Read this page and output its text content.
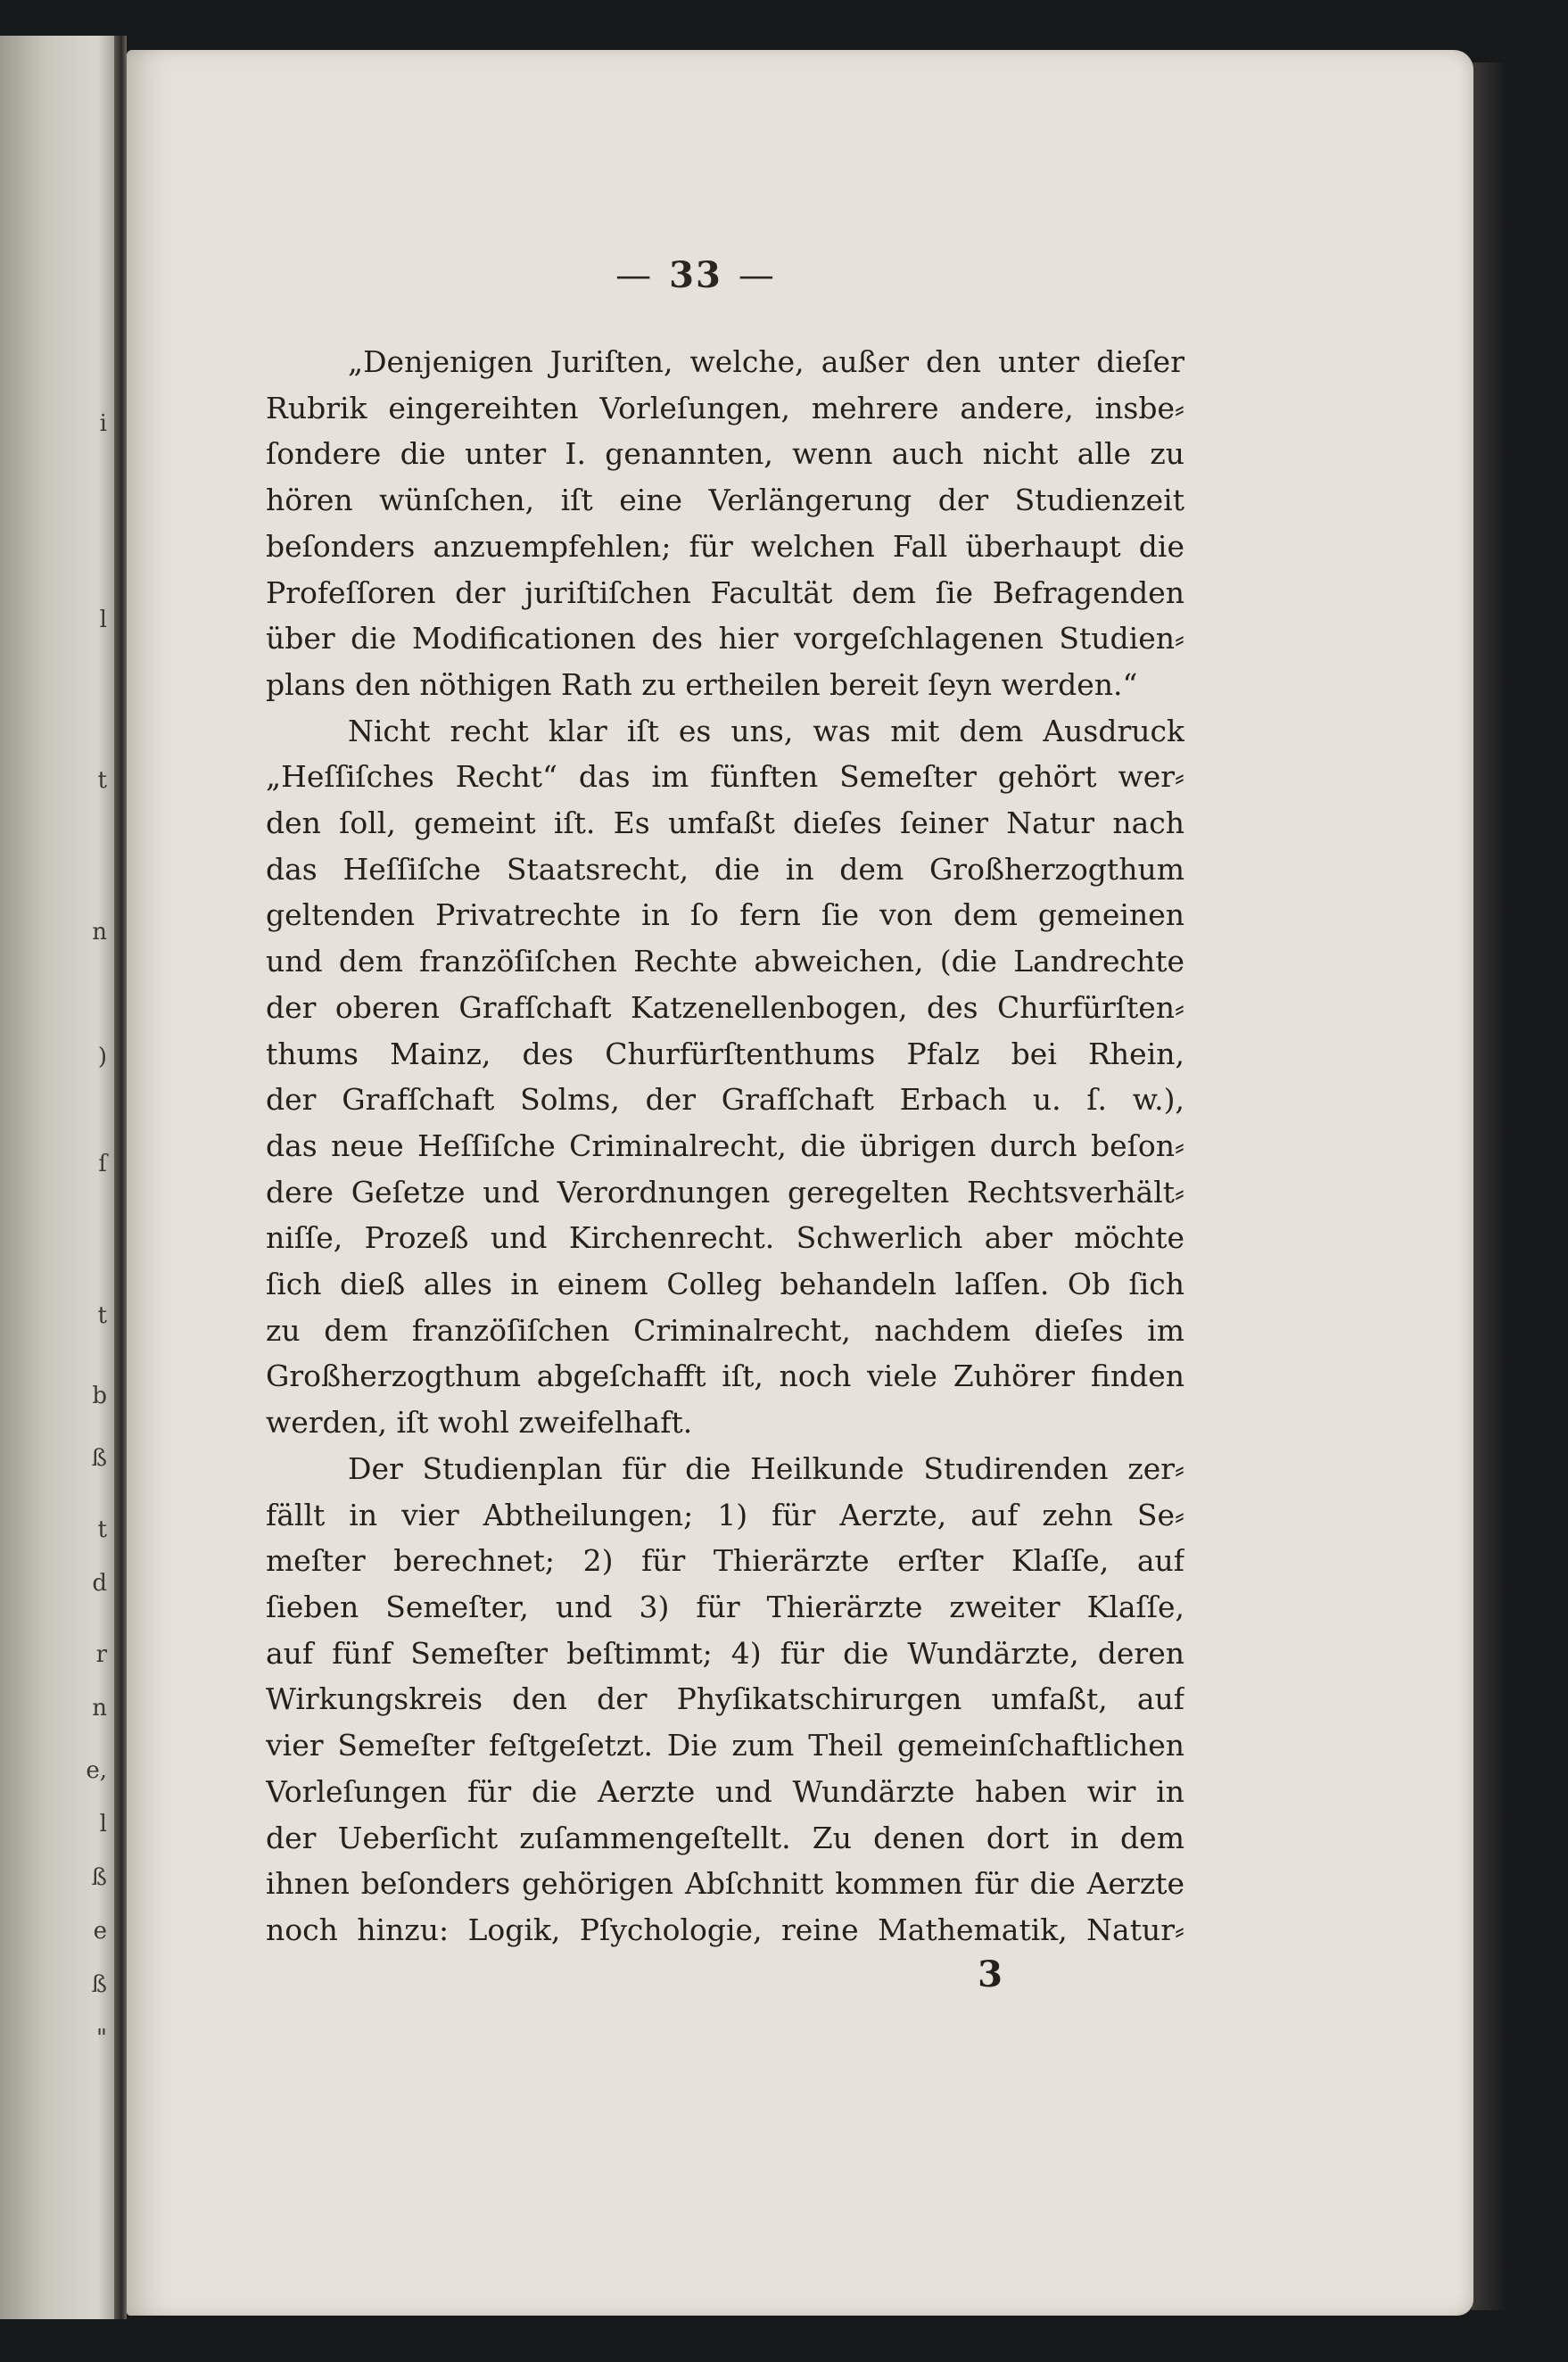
i
l
t
n
)
ſ
t
b
ß
t
d
r
n
e,
l
ß
e
ß
"
— 33 —
„Denjenigen Juriſten, welche, außer den unter dieſer
Rubrik eingereihten Vorleſungen, mehrere andere, insbe⸗
ſondere die unter I. genannten, wenn auch nicht alle zu
hören wünſchen, iſt eine Verlängerung der Studienzeit
beſonders anzuempfehlen; für welchen Fall überhaupt die
Profeſſoren der juriſtiſchen Facultät dem ſie Befragenden
über die Modificationen des hier vorgeſchlagenen Studien⸗
plans den nöthigen Rath zu ertheilen bereit ſeyn werden.“
Nicht recht klar iſt es uns, was mit dem Ausdruck
„Heſſiſches Recht“ das im fünften Semeſter gehört wer⸗
den ſoll, gemeint iſt. Es umfaßt dieſes ſeiner Natur nach
das Heſſiſche Staatsrecht, die in dem Großherzogthum
geltenden Privatrechte in ſo fern ſie von dem gemeinen
und dem franzöſiſchen Rechte abweichen, (die Landrechte
der oberen Grafſchaft Katzenellenbogen, des Churfürſten⸗
thums Mainz, des Churfürſtenthums Pfalz bei Rhein,
der Grafſchaft Solms, der Grafſchaft Erbach u. ſ. w.),
das neue Heſſiſche Criminalrecht, die übrigen durch beſon⸗
dere Geſetze und Verordnungen geregelten Rechtsverhält⸗
niſſe, Prozeß und Kirchenrecht. Schwerlich aber möchte
ſich dieß alles in einem Colleg behandeln laſſen. Ob ſich
zu dem franzöſiſchen Criminalrecht, nachdem dieſes im
Großherzogthum abgeſchafft iſt, noch viele Zuhörer finden
werden, iſt wohl zweifelhaft.
Der Studienplan für die Heilkunde Studirenden zer⸗
fällt in vier Abtheilungen; 1) für Aerzte, auf zehn Se⸗
meſter berechnet; 2) für Thierärzte erſter Klaſſe, auf
ſieben Semeſter, und 3) für Thierärzte zweiter Klaſſe,
auf fünf Semeſter beſtimmt; 4) für die Wundärzte, deren
Wirkungskreis den der Phyſikatschirurgen umfaßt, auf
vier Semeſter feſtgeſetzt. Die zum Theil gemeinſchaftlichen
Vorleſungen für die Aerzte und Wundärzte haben wir in
der Ueberſicht zuſammengeſtellt. Zu denen dort in dem
ihnen beſonders gehörigen Abſchnitt kommen für die Aerzte
noch hinzu: Logik, Pſychologie, reine Mathematik, Natur⸗
3
